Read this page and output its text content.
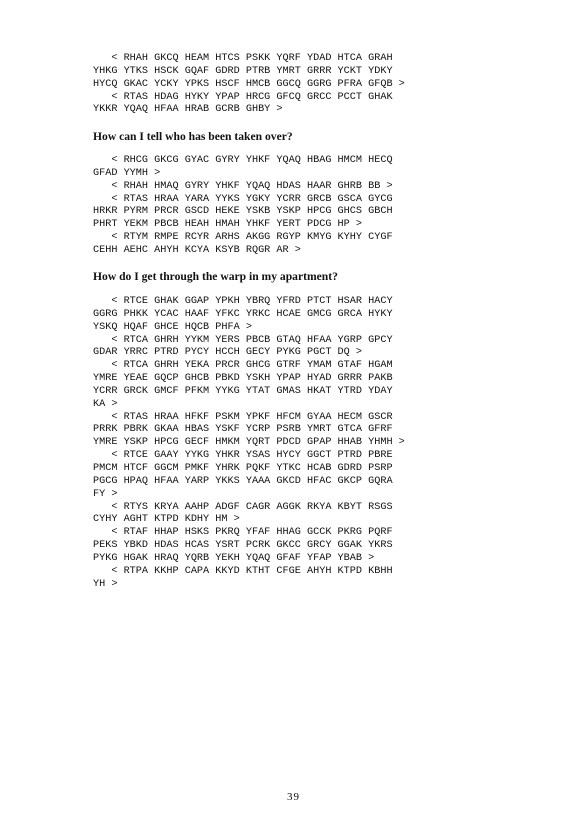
< RHAH GKCQ HEAM HTCS PSKK YQRF YDAD HTCA GRAH
YHKG YTKS HSCK GQAF GDRD PTRB YMRT GRRR YCKT YDKY
HYCQ GKAC YCKY YPKS HSCF HMCB GGCQ GGRG PFRA GFQB >
< RTAS HDAG HYKY YPAP HRCG GFCQ GRCC PCCT GHAK
YKKR YQAQ HFAA HRAB GCRB GHBY >
How can I tell who has been taken over?
< RHCG GKCG GYAC GYRY YHKF YQAQ HBAG HMCM HECQ
GFAD YYMH >
< RHAH HMAQ GYRY YHKF YQAQ HDAS HAAR GHRB BB >
< RTAS HRAA YARA YYKS YGKY YCRR GRCB GSCA GYCG
HRKR PYRM PRCR GSCD HEKE YSKB YSKP HPCG GHCS GBCH
PHRT YEKM PBCB HEAH HMAH YHKF YERT PDCG HP >
< RTYM RMPE RCYR ARHS AKGG RGYP KMYG KYHY CYGF
CEHH AEHC AHYH KCYA KSYB RQGR AR >
How do I get through the warp in my apartment?
< RTCE GHAK GGAP YPKH YBRQ YFRD PTCT HSAR HACY
GGRG PHKK YCAC HAAF YFKC YRKC HCAE GMCG GRCA HYKY
YSKQ HQAF GHCE HQCB PHFA >
< RTCA GHRH YYKM YERS PBCB GTAQ HFAA YGRP GPCY
GDAR YRRC PTRD PYCY HCCH GECY PYKG PGCT DQ >
< RTCA GHRH YEKA PRCR GHCG GTRF YMAM GTAF HGAM
YMRE YEAE GQCP GHCB PBKD YSKH YPAP HYAD GRRR PAKB
YCRR GRCK GMCF PFKM YYKG YTAT GMAS HKAT YTRD YDAY
KA >
< RTAS HRAA HFKF PSKM YPKF HFCM GYAA HECM GSCR
PRRK PBRK GKAA HBAS YSKF YCRP PSRB YMRT GTCA GFRF
YMRE YSKP HPCG GECF HMKM YQRT PDCD GPAP HHAB YHMH >
< RTCE GAAY YYKG YHKR YSAS HYCY GGCT PTRD PBRE
PMCM HTCF GGCM PMKF YHRK PQKF YTKC HCAB GDRD PSRP
PGCG HPAQ HFAA YARP YKKS YAAA GKCD HFAC GKCP GQRA
FY >
< RTYS KRYA AAHP ADGF CAGR AGGK RKYA KBYT RSGS
CYHY AGHT KTPD KDHY HM >
< RTAF HHAP HSKS PKRQ YFAF HHAG GCCK PKRG PQRF
PEKS YBKD HDAS HCAS YSRT PCRK GKCC GRCY GGAK YKRS
PYKG HGAK HRAQ YQRB YEKH YQAQ GFAF YFAP YBAB >
< RTPA KKHP CAPA KKYD KTHT CFGE AHYH KTPD KBHH
YH >
39
